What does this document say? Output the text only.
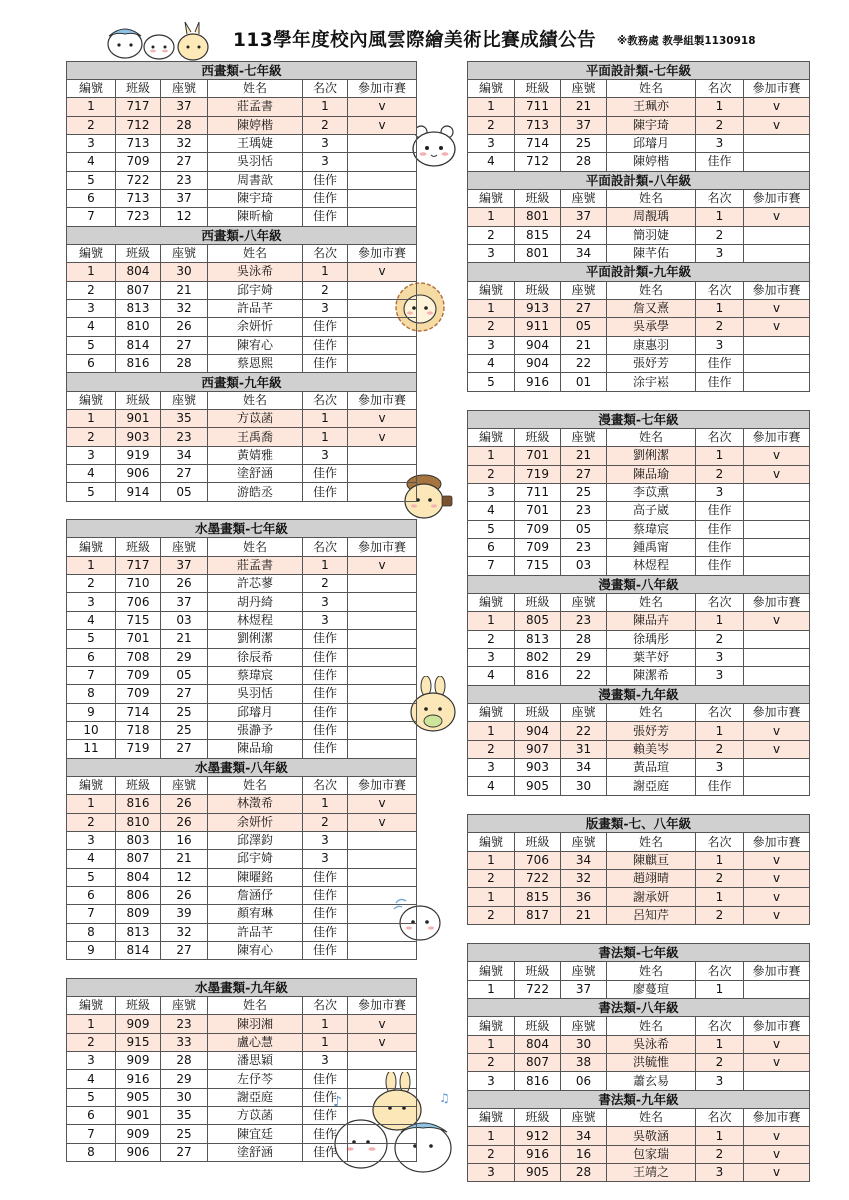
113學年度校內風雲際繪美術比賽成績公告 ※教務處 教學組製1130918
♪	♫
西畫類-七年級					
編號	班級	座號	姓名	名次	參加市賽
1	717	37	莊孟書	1	v
2	712	28	陳婷楷	2	v
3	713	32	王瑀婕	3	
4	709	27	吳羽恬	3	
5	722	23	周書歆	佳作	
6	713	37	陳宇琦	佳作	
7	723	12	陳昕榆	佳作	
西畫類-八年級					
編號	班級	座號	姓名	名次	參加市賽
1	804	30	吳泳希	1	v
2	807	21	邱宇婍	2	
3	813	32	許品芊	3	
4	810	26	余妍忻	佳作	
5	814	27	陳宥心	佳作	
6	816	28	蔡恩熙	佳作	
西畫類-九年級					
編號	班級	座號	姓名	名次	參加市賽
1	901	35	方苡菡	1	v
2	903	23	王禹喬	1	v
3	919	34	黃婧雅	3	
4	906	27	塗舒涵	佳作	
5	914	05	游皓丞	佳作	

水墨畫類-七年級					
編號	班級	座號	姓名	名次	參加市賽
1	717	37	莊孟書	1	v
2	710	26	許芯蓼	2	
3	706	37	胡丹綺	3	
4	715	03	林煜程	3	
5	701	21	劉俐潔	佳作	
6	708	29	徐辰希	佳作	
7	709	05	蔡瑋宸	佳作	
8	709	27	吳羽恬	佳作	
9	714	25	邱璿月	佳作	
10	718	25	張瀞予	佳作	
11	719	27	陳品瑜	佳作	
水墨畫類-八年級					
編號	班級	座號	姓名	名次	參加市賽
1	816	26	林澂希	1	v
2	810	26	余妍忻	2	v
3	803	16	邱澤鈞	3	
4	807	21	邱宇婍	3	
5	804	12	陳曜銘	佳作	
6	806	26	詹涵伃	佳作	
7	809	39	顏宥琳	佳作	
8	813	32	許品芊	佳作	
9	814	27	陳宥心	佳作	

水墨畫類-九年級					
編號	班級	座號	姓名	名次	參加市賽
1	909	23	陳羽湘	1	v
2	915	33	盧心慧	1	v
3	909	28	潘思穎	3	
4	916	29	左伃芩	佳作	
5	905	30	謝亞庭	佳作	
6	901	35	方苡菡	佳作	
7	909	25	陳宜廷	佳作	
8	906	27	塗舒涵	佳作	
平面設計類-七年級					
編號	班級	座號	姓名	名次	參加市賽
1	711	21	王珮亦	1	v
2	713	37	陳宇琦	2	v
3	714	25	邱璿月	3	
4	712	28	陳婷楷	佳作	
平面設計類-八年級					
編號	班級	座號	姓名	名次	參加市賽
1	801	37	周靚瑀	1	v
2	815	24	簡羽婕	2	
3	801	34	陳芊佑	3	
平面設計類-九年級					
編號	班級	座號	姓名	名次	參加市賽
1	913	27	詹又熹	1	v
2	911	05	吳承學	2	v
3	904	21	康惠羽	3	
4	904	22	張妤芳	佳作	
5	916	01	涂宇崧	佳作	
漫畫類-七年級					
編號	班級	座號	姓名	名次	參加市賽
1	701	21	劉俐潔	1	v
2	719	27	陳品瑜	2	v
3	711	25	李苡熏	3	
4	701	23	高子崴	佳作	
5	709	05	蔡瑋宸	佳作	
6	709	23	鍾禹甯	佳作	
7	715	03	林煜程	佳作	
漫畫類-八年級					
編號	班級	座號	姓名	名次	參加市賽
1	805	23	陳品卉	1	v
2	813	28	徐瑀彤	2	
3	802	29	葉芊妤	3	
4	816	22	陳潔希	3	
漫畫類-九年級					
編號	班級	座號	姓名	名次	參加市賽
1	904	22	張妤芳	1	v
2	907	31	賴美岑	2	v
3	903	34	黃品瑄	3	
4	905	30	謝亞庭	佳作	
版畫類-七、八年級					
編號	班級	座號	姓名	名次	參加市賽
1	706	34	陳麒亘	1	v
2	722	32	趙翊晴	2	v
1	815	36	謝承妍	1	v
2	817	21	呂知芹	2	v
書法類-七年級					
編號	班級	座號	姓名	名次	參加市賽
1	722	37	廖蔓瑄	1	
書法類-八年級					
編號	班級	座號	姓名	名次	參加市賽
1	804	30	吳泳希	1	v
2	807	38	洪毓惟	2	v
3	816	06	蕭玄易	3	
書法類-九年級					
編號	班級	座號	姓名	名次	參加市賽
1	912	34	吳敬涵	1	v
2	916	16	包家瑞	2	v
3	905	28	王靖之	3	v
